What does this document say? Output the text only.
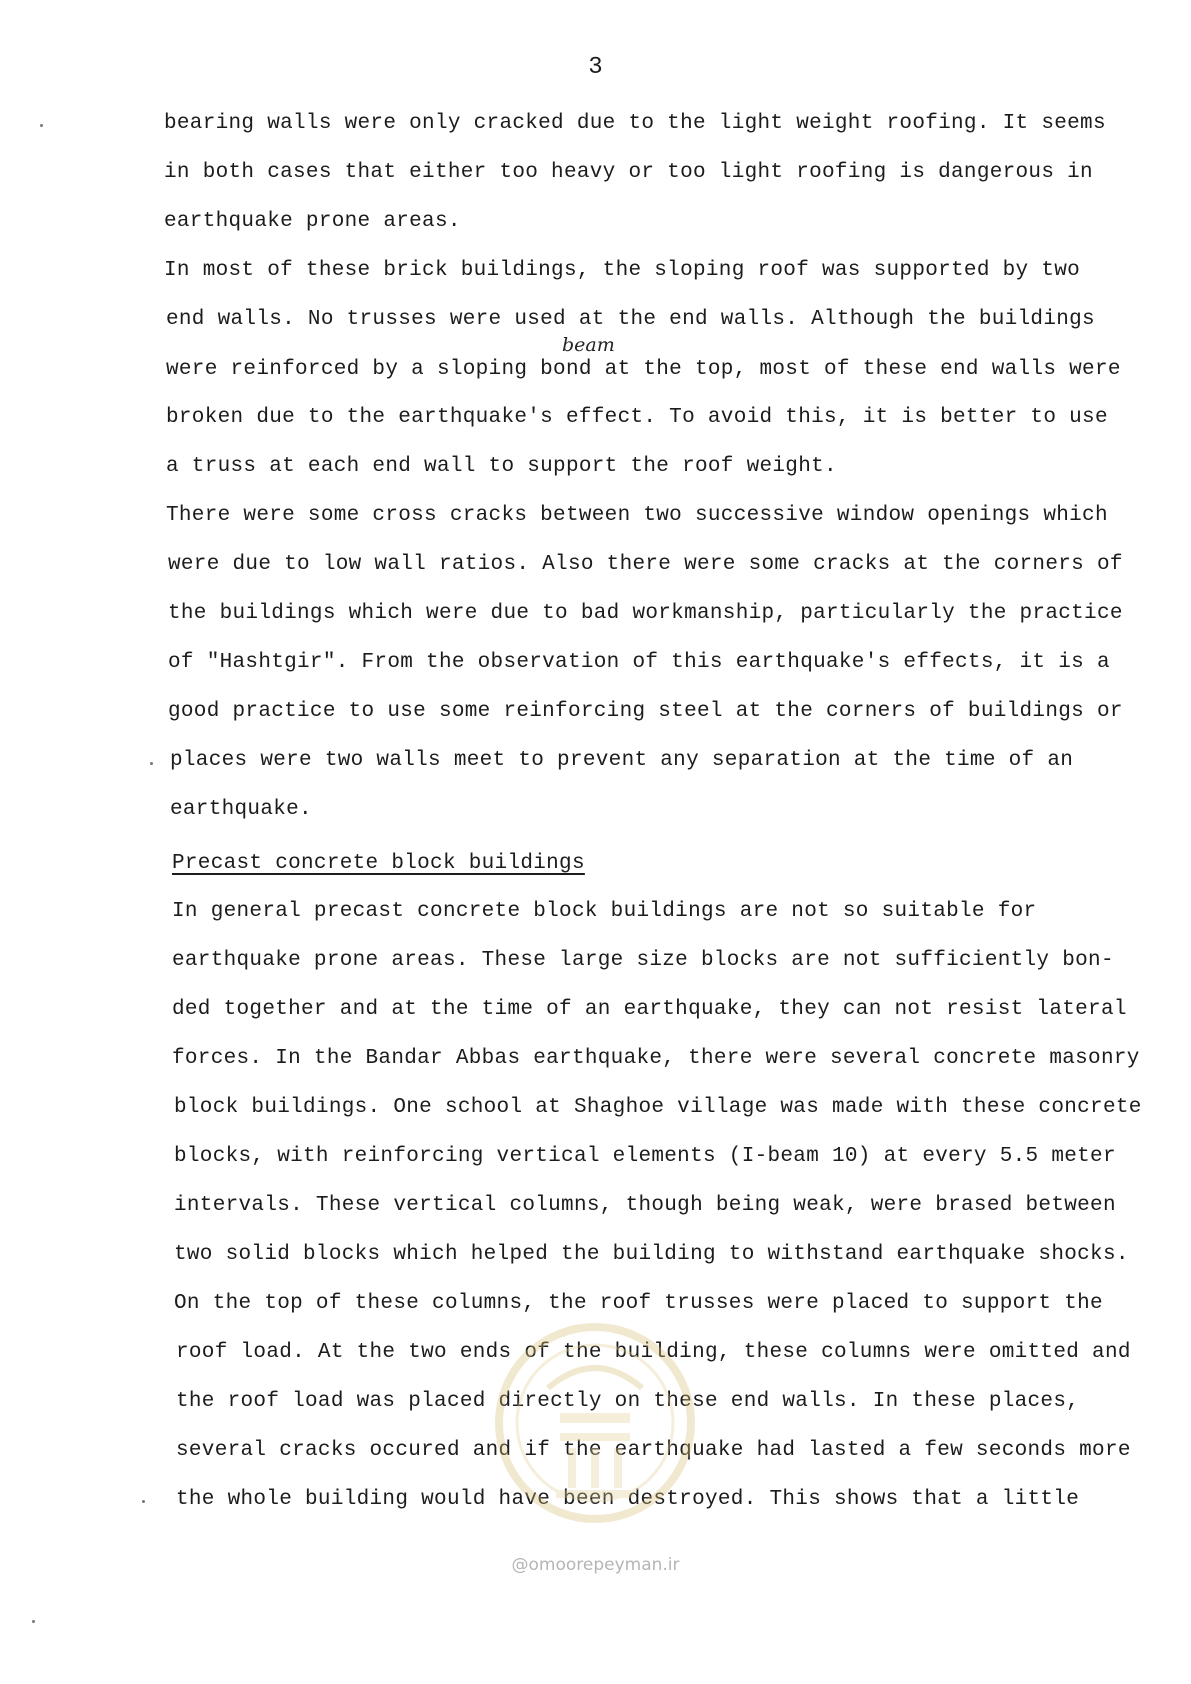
3
bearing walls were only cracked due to the light weight roofing. It seems
in both cases that either too heavy or too light roofing is dangerous in
earthquake prone areas.
In most of these brick buildings, the sloping roof was supported by two
end walls. No trusses were used at the end walls. Although the buildings
beam
were reinforced by a sloping bond at the top, most of these end walls were
broken due to the earthquake's effect. To avoid this, it is better to use
a truss at each end wall to support the roof weight.
There were some cross cracks between two successive window openings which
were due to low wall ratios. Also there were some cracks at the corners of
the buildings which were due to bad workmanship, particularly the practice
of "Hashtgir". From the observation of this earthquake's effects, it is a
good practice to use some reinforcing steel at the corners of buildings or
places were two walls meet to prevent any separation at the time of an
earthquake.
Precast concrete block buildings
In general precast concrete block buildings are not so suitable for
earthquake prone areas. These large size blocks are not sufficiently bon-
ded together and at the time of an earthquake, they can not resist lateral
forces. In the Bandar Abbas earthquake, there were several concrete masonry
block buildings. One school at Shaghoe village was made with these concrete
blocks, with reinforcing vertical elements (I-beam 10) at every 5.5 meter
intervals. These vertical columns, though being weak, were brased between
two solid blocks which helped the building to withstand earthquake shocks.
On the top of these columns, the roof trusses were placed to support the
roof load. At the two ends of the building, these columns were omitted and
the roof load was placed directly on these end walls. In these places,
several cracks occured and if the earthquake had lasted a few seconds more
the whole building would have been destroyed. This shows that a little
@omoorepeyman.ir
